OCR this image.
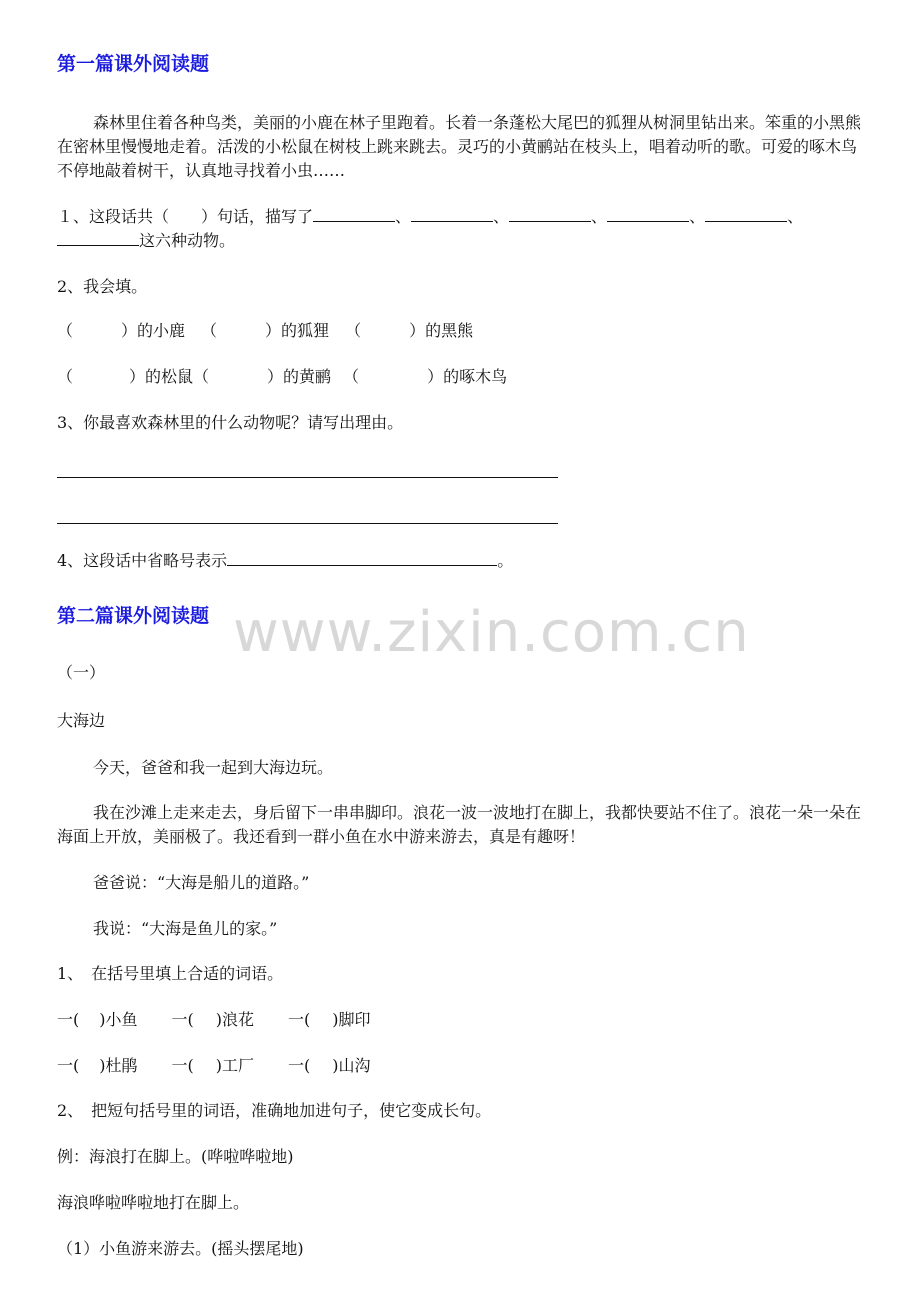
www.zixin.com.cn
第一篇课外阅读题
森林里住着各种鸟类，美丽的小鹿在林子里跑着。长着一条蓬松大尾巴的狐狸从树洞里钻出来。笨重的小黑熊在密林里慢慢地走着。活泼的小松鼠在树枝上跳来跳去。灵巧的小黄鹂站在枝头上，唱着动听的歌。可爱的啄木鸟不停地敲着树干，认真地寻找着小虫……
１、这段话共（　　）句话，描写了	、	、	、	、	、
这六种动物。
2、我会填。
（	）的小鹿 （	）的狐狸 （	）的黑熊
（	）的松鼠（	）的黄鹂 （	）的啄木鸟
3、你最喜欢森林里的什么动物呢？请写出理由。
4、这段话中省略号表示	。
第二篇课外阅读题
（一）
大海边
今天，爸爸和我一起到大海边玩。
我在沙滩上走来走去，身后留下一串串脚印。浪花一波一波地打在脚上，我都快要站不住了。浪花一朵一朵在海面上开放，美丽极了。我还看到一群小鱼在水中游来游去，真是有趣呀！
爸爸说：“大海是船儿的道路。”
我说：“大海是鱼儿的家。”
1、　在括号里填上合适的词语。
一( )小鱼 一( )浪花 一( )脚印
一( )杜鹃 一( )工厂 一( )山沟
2、　把短句括号里的词语，准确地加进句子，使它变成长句。
例：海浪打在脚上。(哗啦哗啦地)
海浪哗啦哗啦地打在脚上。
（1）小鱼游来游去。(摇头摆尾地)
